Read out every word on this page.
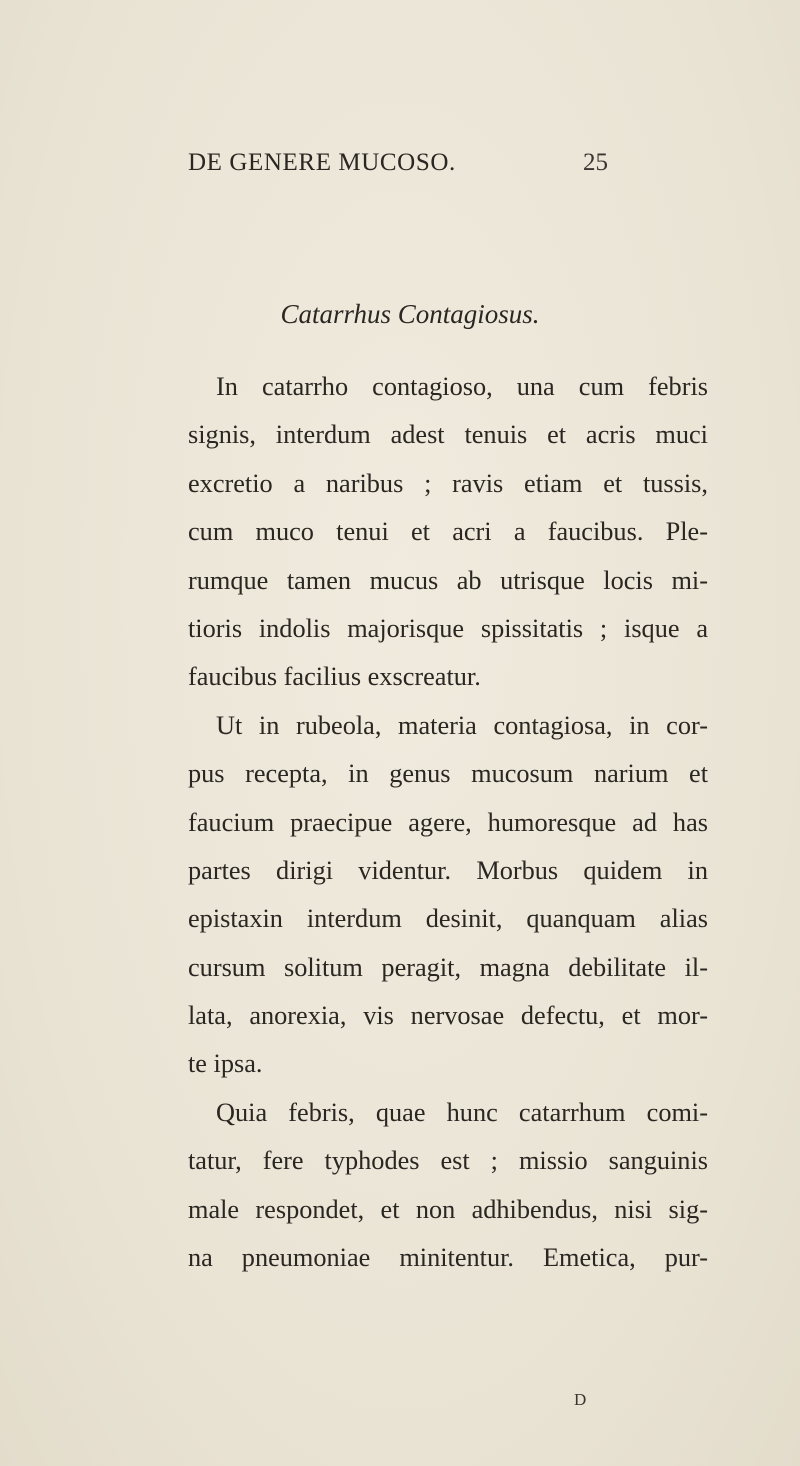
DE GENERE MUCOSO.	25
Catarrhus Contagiosus.
In catarrho contagioso, una cum febris
signis, interdum adest tenuis et acris muci
excretio a naribus ; ravis etiam et tussis,
cum muco tenui et acri a faucibus. Ple-
rumque tamen mucus ab utrisque locis mi-
tioris indolis majorisque spissitatis ; isque a
faucibus facilius exscreatur.
Ut in rubeola, materia contagiosa, in cor-
pus recepta, in genus mucosum narium et
faucium praecipue agere, humoresque ad has
partes dirigi videntur. Morbus quidem in
epistaxin interdum desinit, quanquam alias
cursum solitum peragit, magna debilitate il-
lata, anorexia, vis nervosae defectu, et mor-
te ipsa.
Quia febris, quae hunc catarrhum comi-
tatur, fere typhodes est ; missio sanguinis
male respondet, et non adhibendus, nisi sig-
na pneumoniae minitentur. Emetica, pur-
D
